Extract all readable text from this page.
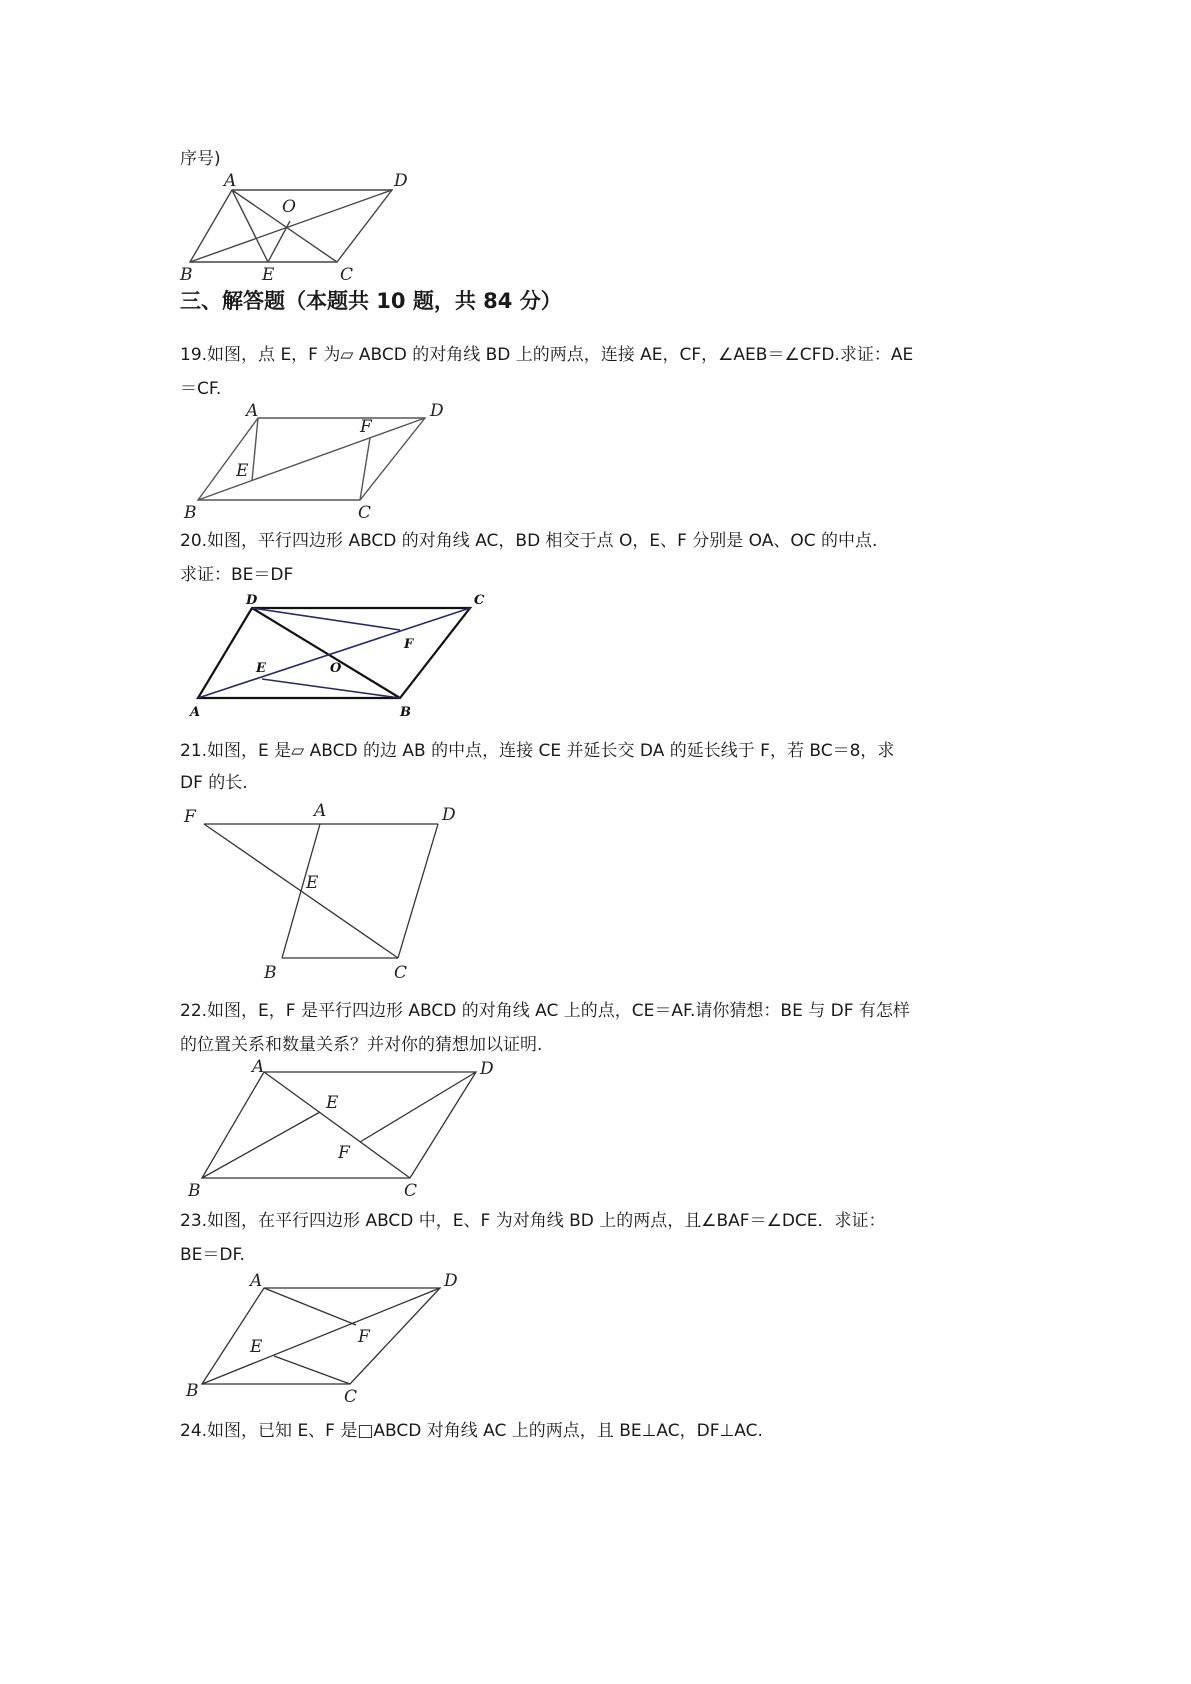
序号)
A	D
O
B	E	C
三、解答题（本题共 10 题，共 84 分）
19.如图，点 E，F 为▱ ABCD 的对角线 BD 上的两点，连接 AE，CF，∠AEB＝∠CFD.求证：AE
＝CF.
A	D
F
E
B	C
20.如图，平行四边形 ABCD 的对角线 AC，BD 相交于点 O，E、F 分别是 OA、OC 的中点.
求证：BE＝DF
D	C
F
E	O
A	B
21.如图，E 是▱ ABCD 的边 AB 的中点，连接 CE 并延长交 DA 的延长线于 F，若 BC＝8，求
DF 的长.
F	A	D
E
B	C
22.如图，E，F 是平行四边形 ABCD 的对角线 AC 上的点，CE＝AF.请你猜想：BE 与 DF 有怎样
的位置关系和数量关系？并对你的猜想加以证明.
A	D
E
F
B	C
23.如图，在平行四边形 ABCD 中，E、F 为对角线 BD 上的两点，且∠BAF＝∠DCE．求证：
BE＝DF.
A	D
F
E
B	C
24.如图，已知 E、F 是□ABCD 对角线 AC 上的两点，且 BE⊥AC，DF⊥AC.
